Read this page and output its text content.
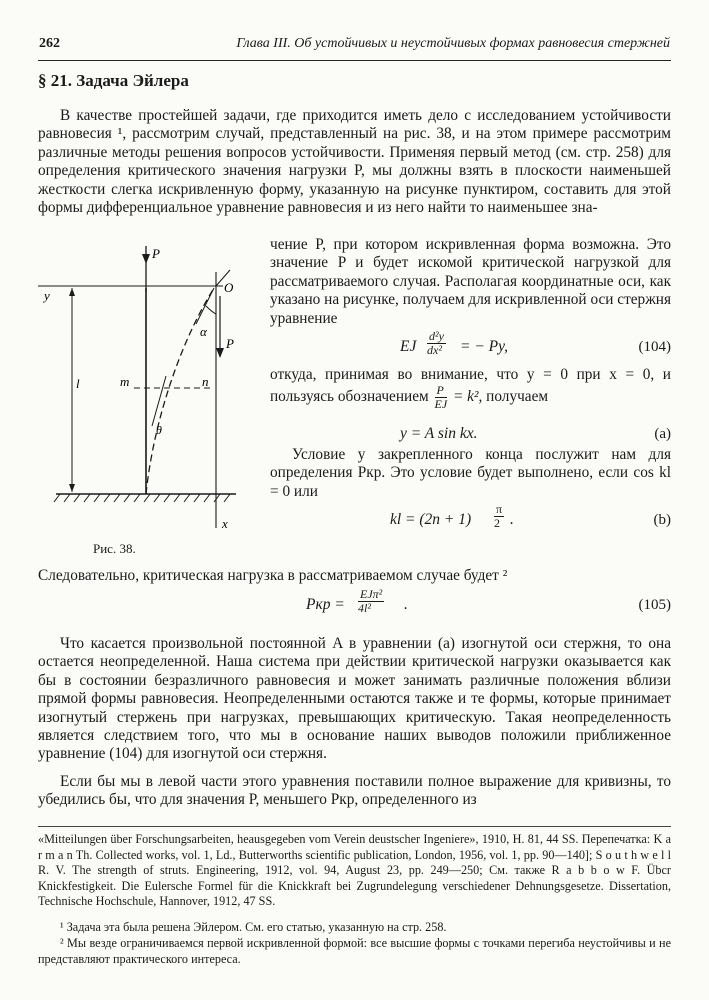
262	Глава III. Об устойчивых и неустойчивых формах равновесия стержней
§ 21. Задача Эйлера
В качестве простейшей задачи, где приходится иметь дело с исследованием устойчивости равновесия ¹, рассмотрим случай, представленный на рис. 38, и на этом примере рассмотрим различные методы решения вопросов устойчивости. Применяя первый метод (см. стр. 258) для определения критического значения нагрузки P, мы должны взять в плоскости наименьшей жесткости слегка искривленную форму, указанную на рисунке пунктиром, составить для этой формы дифференциальное уравнение равновесия и из него найти то наименьшее зна-
P
O
y
P
α
l	m	n
θ
x
Рис. 38.
чение P, при котором искривленная форма возможна. Это значение P и будет искомой критической нагрузкой для рассматриваемого случая. Располагая координатные оси, как указано на рисунке, получаем для искривленной оси стержня уравнение
EJ $\frac{\text{d²y}}{\text{dx²}}$ = − Py,	(104)
откуда, принимая во внимание, что y = 0 при x = 0, и пользуясь обозначением $\frac{P}{EJ} = k^2$, получаем
y = A sin kx.	(a)
Условие у закрепленного конца послужит нам для определения Pкр. Это условие будет выполнено, если cos kl = 0 или
kl = $(2n + 1) \frac{\pi}{2}$ .	(b)
Следовательно, критическая нагрузка в рассматриваемом случае будет ²
Pкр =
EJπ²
4l²	.	(105)
Что касается произвольной постоянной A в уравнении (a) изогнутой оси стержня, то она остается неопределенной. Наша система при действии критической нагрузки оказывается как бы в состоянии безразличного равновесия и может занимать различные положения вблизи прямой формы равновесия. Неопределенными остаются также и те формы, которые принимает изогнутый стержень при нагрузках, превышающих критическую. Такая неопределенность является следствием того, что мы в основание наших выводов положили приближенное уравнение (104) для изогнутой оси стержня.
Если бы мы в левой части этого уравнения поставили полное выражение для кривизны, то убедились бы, что для значения P, меньшего Pкр, определенного из
«Mitteilungen über Forschungsarbeiten, heausgegeben vom Verein deustscher Ingeniere», 1910, H. 81, 44 SS. Перепечатка: K a r m a n Th. Collected works, vol. 1, Ld., Butterworths scientific publication, London, 1956, vol. 1, pp. 90—140]; S o u t h w e l l R. V. The strength of struts. Engineering, 1912, vol. 94, August 23, pp. 249—250; См. также R a b b o w F. Übcr Knickfestigkeit. Die Eulersche Formel für die Knickkraft bei Zugrundelegung verschiedener Dehnungsgesetze. Dissertation, Technische Hochschule, Hannover, 1912, 47 SS.
¹ Задача эта была решена Эйлером. См. его статью, указанную на стр. 258.
² Мы везде ограничиваемся первой искривленной формой: все высшие формы с точками перегиба неустойчивы и не представляют практического интереса.
